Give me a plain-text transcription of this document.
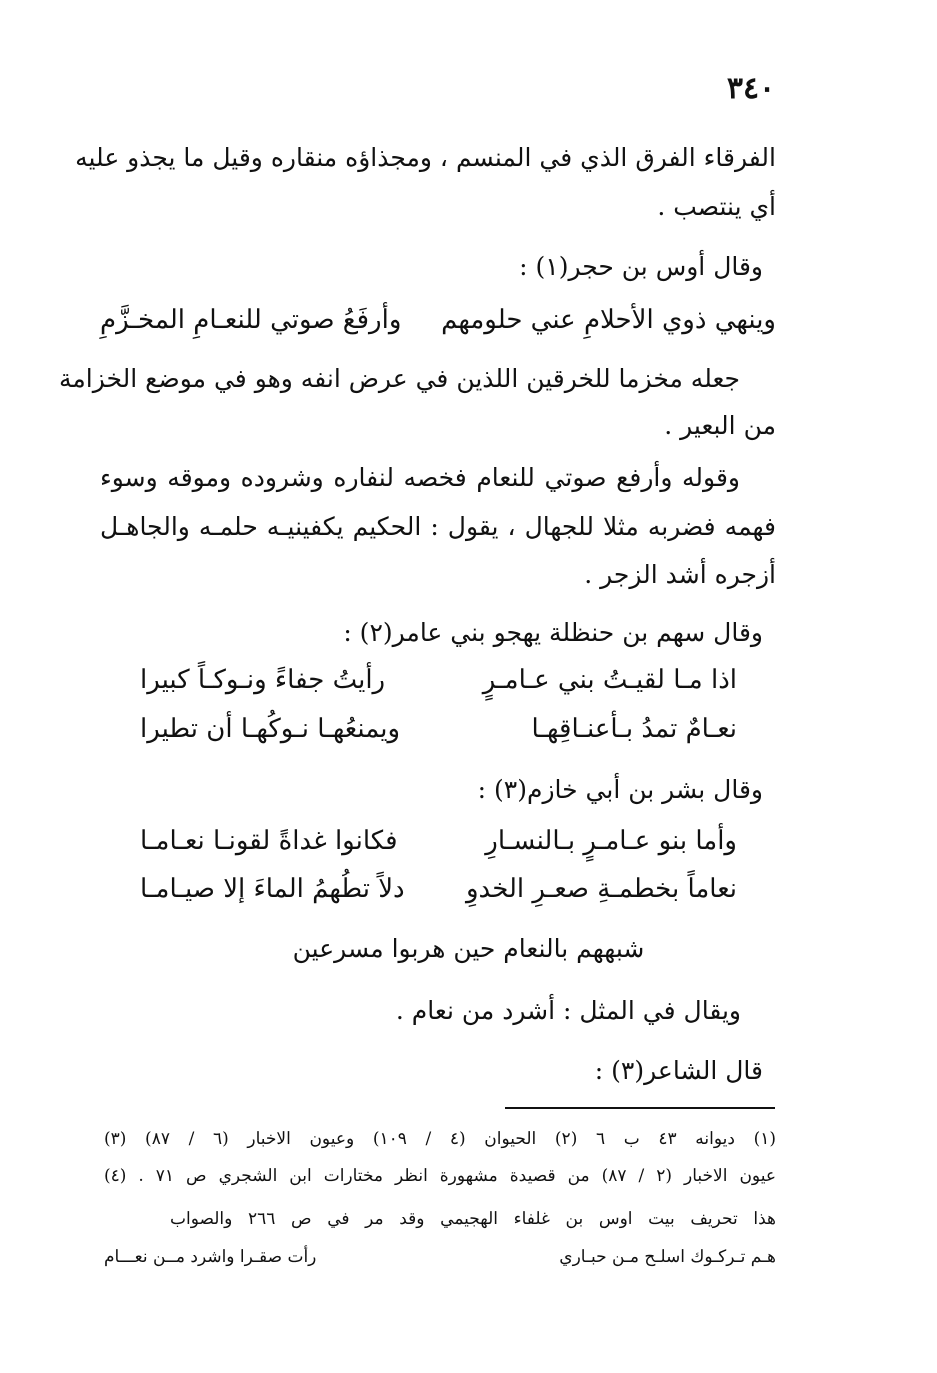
٣٤٠
الفرقاء الفرق الذي في المنسم ، ومجذاؤه منقاره وقيل ما يجذو عليه
أي ينتصب .
وقال أوس بن حجر(١) :
وينهي ذوي الأحلامِ عني حلومهم
وأرفَعُ صوتي للنعـامِ المخـزَّمِ
جعله مخزما للخرقين اللذين في عرض انفه وهو في موضع الخزامة
من البعير .
وقوله وأرفع صوتي للنعام فخصه لنفاره وشروده وموقه وسوء
فهمه فضربه مثلا للجهال ، يقول : الحكيم يكفينيـه حلمـه والجاهـل
أزجره أشد الزجر .
وقال سهم بن حنظلة يهجو بني عامر(٢) :
اذا مـا لقيـتُ بني عـامـرٍ
رأيتُ جفاءً ونـوكـاً كبيرا
نعـامٌ تمدُ بـأعنـاقِهـا
ويمنعُهـا نـوكُهـا أن تطيرا
وقال بشر بن أبي خازم(٣) :
وأما بنو عـامـرٍ بـالنسـارِ
فكانوا غداةً لقونـا نعـامـا
نعاماً بخطمـةِ صعـرِ الخدوِ
دلاً تطُهمُ الماءَ إلا صيـامـا
شبههم بالنعام حين هربوا مسرعين
ويقال في المثل : أشرد من نعام .
قال الشاعر(٣) :
(١) ديوانه ٤٣ ب ٦ (٢) الحيوان (٤ / ١٠٩) وعيون الاخبار (٦ / ٨٧) (٣)
عيون الاخبار (٢ / ٨٧) من قصيدة مشهورة انظر مختارات ابن الشجري ص ٧١ . (٤)
هذا تحريف بيت اوس بن غلفاء الهجيمي وقد مر في ص ٢٦٦ والصواب
هـم تـركـوك اسلـح مـن حبـاري
رأت صقـرا واشرد مــن نعـــام
